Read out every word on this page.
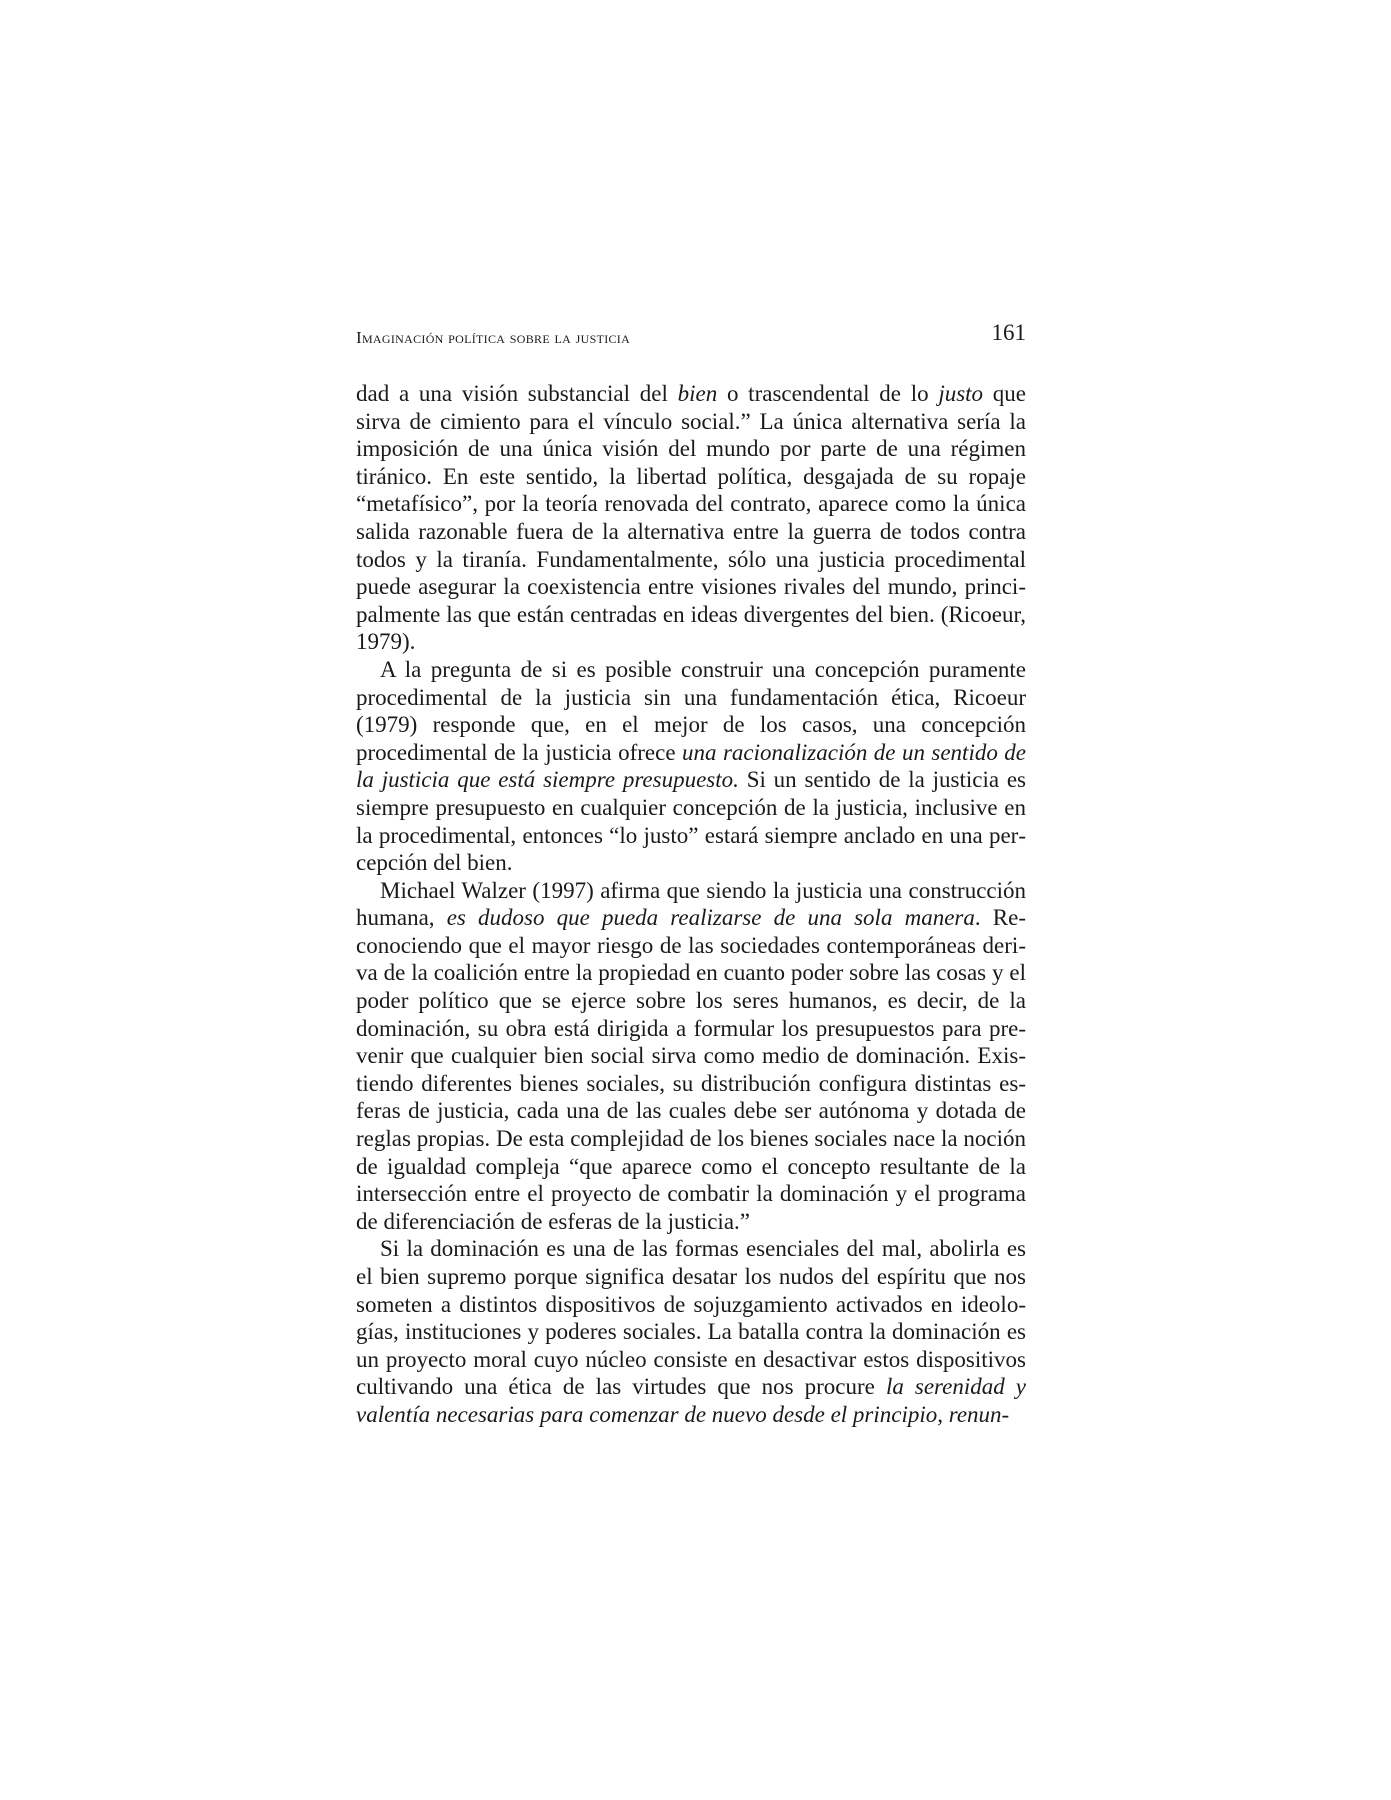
Imaginación política sobre la justicia	161

dad a una visión substancial del bien o trascendental de lo justo que sirva de cimiento para el vínculo social.” La única alternativa sería la imposición de una única visión del mundo por parte de una régimen tiránico. En este sentido, la libertad política, desgajada de su ropaje “metafísico”, por la teoría renovada del contrato, aparece como la única salida razonable fuera de la alternativa entre la guerra de todos contra todos y la tiranía. Fundamentalmente, sólo una justicia procedimental puede asegurar la coexistencia entre visiones rivales del mundo, principalmente las que están centradas en ideas divergentes del bien. (Ricoeur, 1979).

A la pregunta de si es posible construir una concepción puramente procedimental de la justicia sin una fundamentación ética, Ricoeur (1979) responde que, en el mejor de los casos, una concepción procedimental de la justicia ofrece una racionalización de un sentido de la justicia que está siempre presupuesto. Si un sentido de la justicia es siempre presupuesto en cualquier concepción de la justicia, inclusive en la procedimental, entonces “lo justo” estará siempre anclado en una percepción del bien.

Michael Walzer (1997) afirma que siendo la justicia una construcción humana, es dudoso que pueda realizarse de una sola manera. Reconociendo que el mayor riesgo de las sociedades contemporáneas deriva de la coalición entre la propiedad en cuanto poder sobre las cosas y el poder político que se ejerce sobre los seres humanos, es decir, de la dominación, su obra está dirigida a formular los presupuestos para prevenir que cualquier bien social sirva como medio de dominación. Existiendo diferentes bienes sociales, su distribución configura distintas esferas de justicia, cada una de las cuales debe ser autónoma y dotada de reglas propias. De esta complejidad de los bienes sociales nace la noción de igualdad compleja “que aparece como el concepto resultante de la intersección entre el proyecto de combatir la dominación y el programa de diferenciación de esferas de la justicia.”

Si la dominación es una de las formas esenciales del mal, abolirla es el bien supremo porque significa desatar los nudos del espíritu que nos someten a distintos dispositivos de sojuzgamiento activados en ideologías, instituciones y poderes sociales. La batalla contra la dominación es un proyecto moral cuyo núcleo consiste en desactivar estos dispositivos cultivando una ética de las virtudes que nos procure la serenidad y valentía necesarias para comenzar de nuevo desde el principio, renun-
